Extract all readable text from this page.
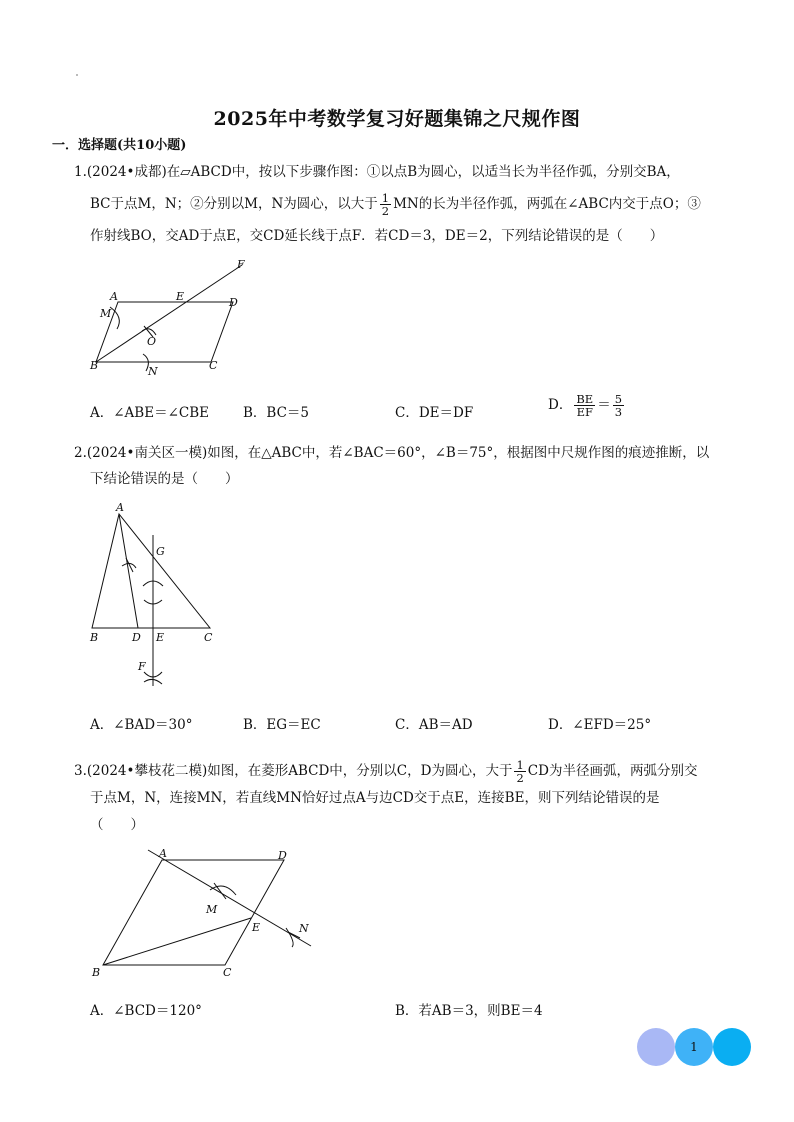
2025年中考数学复习好题集锦之尺规作图
一．选择题(共10小题)
1.(2024•成都)在▱ABCD中，按以下步骤作图：①以点B为圆心，以适当长为半径作弧，分别交BA，
BC于点M，N；②分别以M，N为圆心，以大于 $\frac{1}{2}$ MN的长为半径作弧，两弧在∠ABC内交于点O；③
作射线BO，交AD于点E，交CD延长线于点F．若CD＝3，DE＝2，下列结论错误的是（　　）
A	E	D
F
M
O
B	N	C
A．∠ABE＝∠CBE	B．BC＝5	C．DE＝DF	D． $\frac{BE}{EF} = \frac{5}{3}$
2.(2024•南关区一模)如图，在△ABC中，若∠BAC＝60°，∠B＝75°，根据图中尺规作图的痕迹推断，以
下结论错误的是（　　）
A
G
B	D E	C
F
A．∠BAD＝30°	B．EG＝EC	C．AB＝AD	D．∠EFD＝25°
3.(2024•攀枝花二模)如图，在菱形ABCD中，分别以C，D为圆心，大于 $\frac{1}{2}$ CD为半径画弧，两弧分别交
于点M，N，连接MN，若直线MN恰好过点A与边CD交于点E，连接BE，则下列结论错误的是
（　　）
A	D
M
E	N
B	C
A．∠BCD＝120°	B．若AB＝3，则BE＝4
1
